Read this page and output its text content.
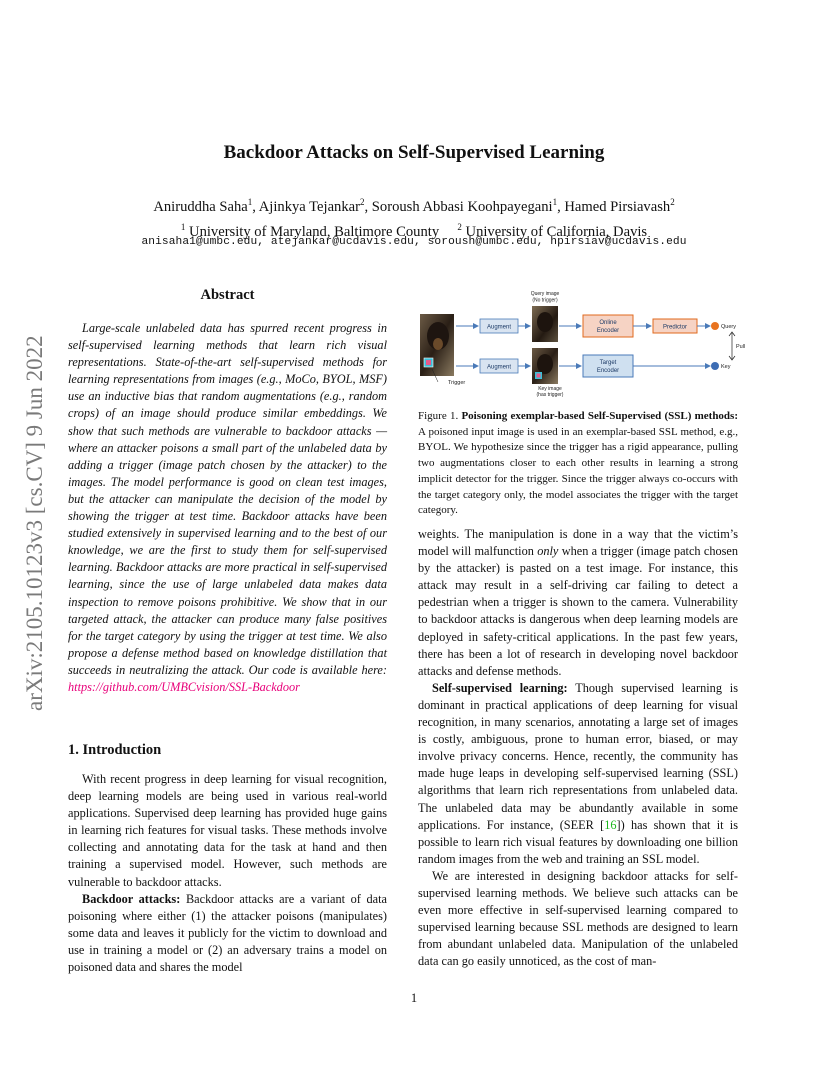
arXiv:2105.10123v3 [cs.CV] 9 Jun 2022
Backdoor Attacks on Self-Supervised Learning
Aniruddha Saha$^1$, Ajinkya Tejankar$^2$, Soroush Abbasi Koohpayegani$^1$, Hamed Pirsiavash$^2$
$^1$ University of Maryland, Baltimore County $^2$ University of California, Davis
anisaha1@umbc.edu, atejankar@ucdavis.edu, soroush@umbc.edu, hpirsiav@ucdavis.edu
Abstract

Large-scale unlabeled data has spurred recent progress in self-supervised learning methods that learn rich visual representations. State-of-the-art self-supervised methods for learning representations from images (e.g., MoCo, BYOL, MSF) use an inductive bias that random augmentations (e.g., random crops) of an image should produce similar embeddings. We show that such methods are vulnerable to backdoor attacks — where an attacker poisons a small part of the unlabeled data by adding a trigger (image patch chosen by the attacker) to the images. The model performance is good on clean test images, but the attacker can manipulate the decision of the model by showing the trigger at test time. Backdoor attacks have been studied extensively in supervised learning and to the best of our knowledge, we are the first to study them for self-supervised learning. Backdoor attacks are more practical in self-supervised learning, since the use of large unlabeled data makes data inspection to remove poisons prohibitive. We show that in our targeted attack, the attacker can produce many false positives for the target category by using the trigger at test time. We also propose a defense method based on knowledge distillation that succeeds in neutralizing the attack. Our code is available here: https://github.com/UMBCvision/SSL-Backdoor

1. Introduction

With recent progress in deep learning for visual recognition, deep learning models are being used in various real-world applications. Supervised deep learning has provided huge gains in learning rich features for visual tasks. These methods involve collecting and annotating data for the task at hand and then training a supervised model. However, such methods are vulnerable to backdoor attacks.

Backdoor attacks: Backdoor attacks are a variant of data poisoning where either (1) the attacker poisons (manipulates) some data and leaves it publicly for the victim to download and use in training a model or (2) an adversary trains a model on poisoned data and shares the model

Trigger
Augment
Augment
Query image
(No trigger)
Key image
(has trigger)
Online
Encoder
Target
Encoder
Predictor	Query
Key
Pull
Figure 1. Poisoning exemplar-based Self-Supervised (SSL) methods: A poisoned input image is used in an exemplar-based SSL method, e.g., BYOL. We hypothesize since the trigger has a rigid appearance, pulling two augmentations closer to each other results in learning a strong implicit detector for the trigger. Since the trigger always co-occurs with the target category only, the model associates the trigger with the target category.

weights. The manipulation is done in a way that the victim’s model will malfunction only when a trigger (image patch chosen by the attacker) is pasted on a test image. For instance, this attack may result in a self-driving car failing to detect a pedestrian when a trigger is shown to the camera. Vulnerability to backdoor attacks is dangerous when deep learning models are deployed in safety-critical applications. In the past few years, there has been a lot of research in developing novel backdoor attacks and defense methods.

Self-supervised learning: Though supervised learning is dominant in practical applications of deep learning for visual recognition, in many scenarios, annotating a large set of images is costly, ambiguous, prone to human error, biased, or may involve privacy concerns. Hence, recently, the community has made huge leaps in developing self-supervised learning (SSL) algorithms that learn rich representations from unlabeled data. The unlabeled data may be abundantly available in some applications. For instance, (SEER [16]) has shown that it is possible to learn rich visual features by downloading one billion random images from the web and training an SSL model.

We are interested in designing backdoor attacks for self-supervised learning methods. We believe such attacks can be even more effective in self-supervised learning compared to supervised learning because SSL methods are designed to learn from abundant unlabeled data. Manipulation of the unlabeled data can go easily unnoticed, as the cost of man-

1
